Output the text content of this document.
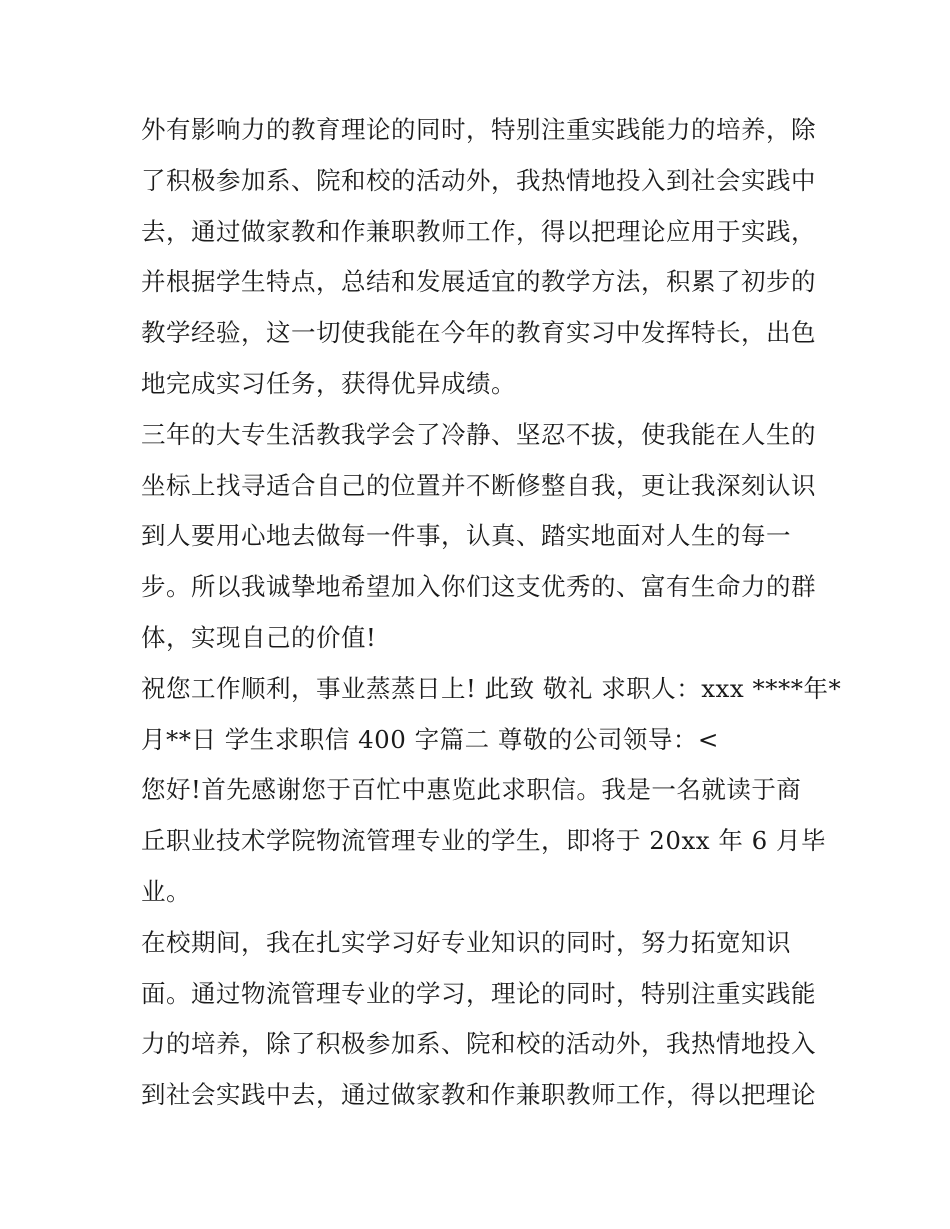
外有影响力的教育理论的同时，特别注重实践能力的培养，除
了积极参加系、院和校的活动外，我热情地投入到社会实践中
去，通过做家教和作兼职教师工作，得以把理论应用于实践，
并根据学生特点，总结和发展适宜的教学方法，积累了初步的
教学经验，这一切使我能在今年的教育实习中发挥特长，出色
地完成实习任务，获得优异成绩。
三年的大专生活教我学会了冷静、坚忍不拔，使我能在人生的
坐标上找寻适合自己的位置并不断修整自我，更让我深刻认识
到人要用心地去做每一件事，认真、踏实地面对人生的每一
步。所以我诚挚地希望加入你们这支优秀的、富有生命力的群
体，实现自己的价值!
祝您工作顺利，事业蒸蒸日上! 此致 敬礼 求职人：xxx ****年*
月**日 学生求职信 400 字篇二 尊敬的公司领导：<
您好!首先感谢您于百忙中惠览此求职信。我是一名就读于商
丘职业技术学院物流管理专业的学生，即将于 20xx 年 6 月毕
业。
在校期间，我在扎实学习好专业知识的同时，努力拓宽知识
面。通过物流管理专业的学习，理论的同时，特别注重实践能
力的培养，除了积极参加系、院和校的活动外，我热情地投入
到社会实践中去，通过做家教和作兼职教师工作，得以把理论
